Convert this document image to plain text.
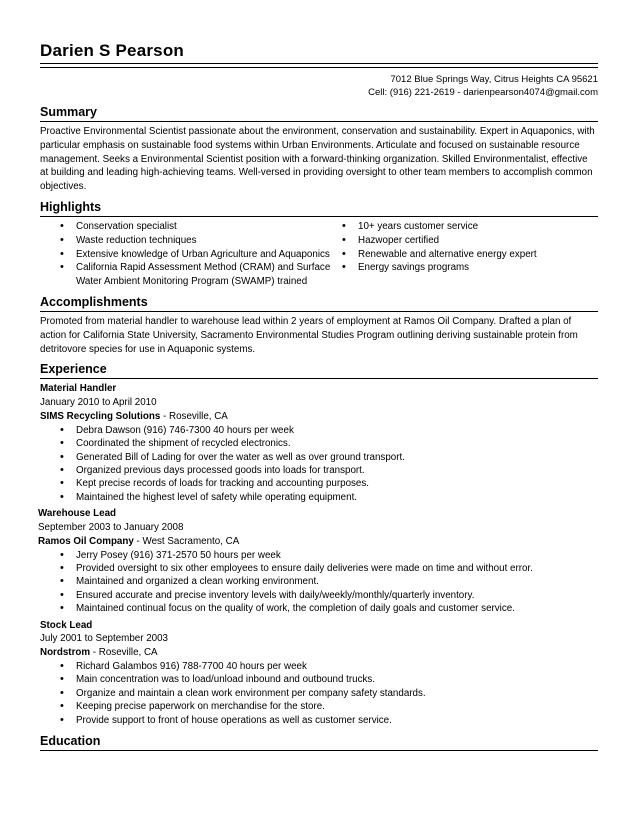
Darien S Pearson
7012 Blue Springs Way, Citrus Heights CA 95621
Cell: (916) 221-2619 - darienpearson4074@gmail.com
Summary
Proactive Environmental Scientist passionate about the environment, conservation and sustainability. Expert in Aquaponics, with particular emphasis on sustainable food systems within Urban Environments. Articulate and focused on sustainable resource management. Seeks a Environmental Scientist position with a forward-thinking organization. Skilled Environmentalist, effective at building and leading high-achieving teams. Well-versed in providing oversight to other team members to accomplish common objectives.
Highlights
• Conservation specialist
• Waste reduction techniques
• Extensive knowledge of Urban Agriculture and Aquaponics
• California Rapid Assessment Method (CRAM) and Surface Water Ambient Monitoring Program (SWAMP) trained
• 10+ years customer service
• Hazwoper certified
• Renewable and alternative energy expert
• Energy savings programs
Accomplishments
Promoted from material handler to warehouse lead within 2 years of employment at Ramos Oil Company. Drafted a plan of action for California State University, Sacramento Environmental Studies Program outlining deriving sustainable protein from detritovore species for use in Aquaponic systems.
Experience
Material Handler
January 2010 to April 2010
SIMS Recycling Solutions - Roseville, CA
• Debra Dawson (916) 746-7300 40 hours per week
• Coordinated the shipment of recycled electronics.
• Generated Bill of Lading for over the water as well as over ground transport.
• Organized previous days processed goods into loads for transport.
• Kept precise records of loads for tracking and accounting purposes.
• Maintained the highest level of safety while operating equipment.
Warehouse Lead
September 2003 to January 2008
Ramos Oil Company - West Sacramento, CA
• Jerry Posey (916) 371-2570 50 hours per week
• Provided oversight to six other employees to ensure daily deliveries were made on time and without error.
• Maintained and organized a clean working environment.
• Ensured accurate and precise inventory levels with daily/weekly/monthly/quarterly inventory.
• Maintained continual focus on the quality of work, the completion of daily goals and customer service.
Stock Lead
July 2001 to September 2003
Nordstrom - Roseville, CA
• Richard Galambos 916) 788-7700 40 hours per week
• Main concentration was to load/unload inbound and outbound trucks.
• Organize and maintain a clean work environment per company safety standards.
• Keeping precise paperwork on merchandise for the store.
• Provide support to front of house operations as well as customer service.
Education
